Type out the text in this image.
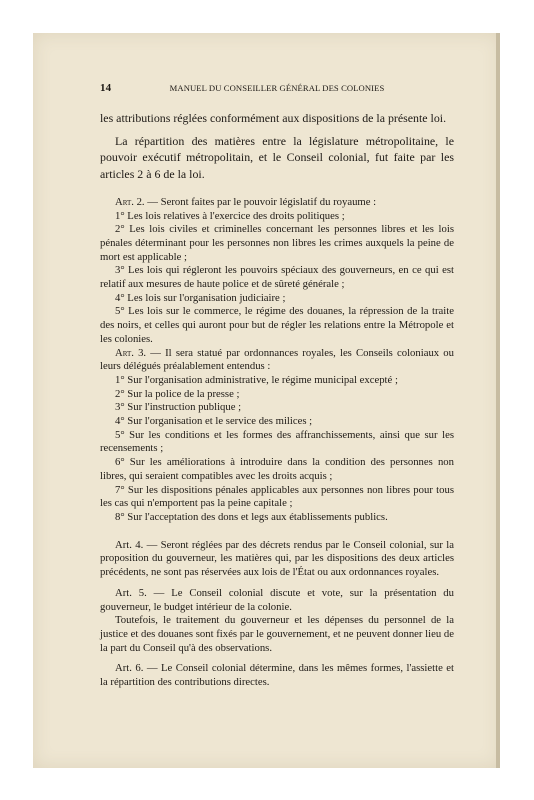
14	MANUEL DU CONSEILLER GÉNÉRAL DES COLONIES

les attributions réglées conformément aux dispositions de la présente loi.

La répartition des matières entre la législature métropolitaine, le pouvoir exécutif métropolitain, et le Conseil colonial, fut faite par les articles 2 à 6 de la loi.

Art. 2. — Seront faites par le pouvoir législatif du royaume :

1° Les lois relatives à l'exercice des droits politiques ;

2° Les lois civiles et criminelles concernant les personnes libres et les lois pénales déterminant pour les personnes non libres les crimes auxquels la peine de mort est applicable ;

3° Les lois qui régleront les pouvoirs spéciaux des gouverneurs, en ce qui est relatif aux mesures de haute police et de sûreté générale ;

4° Les lois sur l'organisation judiciaire ;

5° Les lois sur le commerce, le régime des douanes, la répression de la traite des noirs, et celles qui auront pour but de régler les relations entre la Métropole et les colonies.

Art. 3. — Il sera statué par ordonnances royales, les Conseils coloniaux ou leurs délégués préalablement entendus :

1° Sur l'organisation administrative, le régime municipal excepté ;

2° Sur la police de la presse ;

3° Sur l'instruction publique ;

4° Sur l'organisation et le service des milices ;

5° Sur les conditions et les formes des affranchissements, ainsi que sur les recensements ;

6° Sur les améliorations à introduire dans la condition des personnes non libres, qui seraient compatibles avec les droits acquis ;

7° Sur les dispositions pénales applicables aux personnes non libres pour tous les cas qui n'emportent pas la peine capitale ;

8° Sur l'acceptation des dons et legs aux établissements publics.

Art. 4. — Seront réglées par des décrets rendus par le Conseil colonial, sur la proposition du gouverneur, les matières qui, par les dispositions des deux articles précédents, ne sont pas réservées aux lois de l'État ou aux ordonnances royales.

Art. 5. — Le Conseil colonial discute et vote, sur la présentation du gouverneur, le budget intérieur de la colonie.

Toutefois, le traitement du gouverneur et les dépenses du personnel de la justice et des douanes sont fixés par le gouvernement, et ne peuvent donner lieu de la part du Conseil qu'à des observations.

Art. 6. — Le Conseil colonial détermine, dans les mêmes formes, l'assiette et la répartition des contributions directes.
